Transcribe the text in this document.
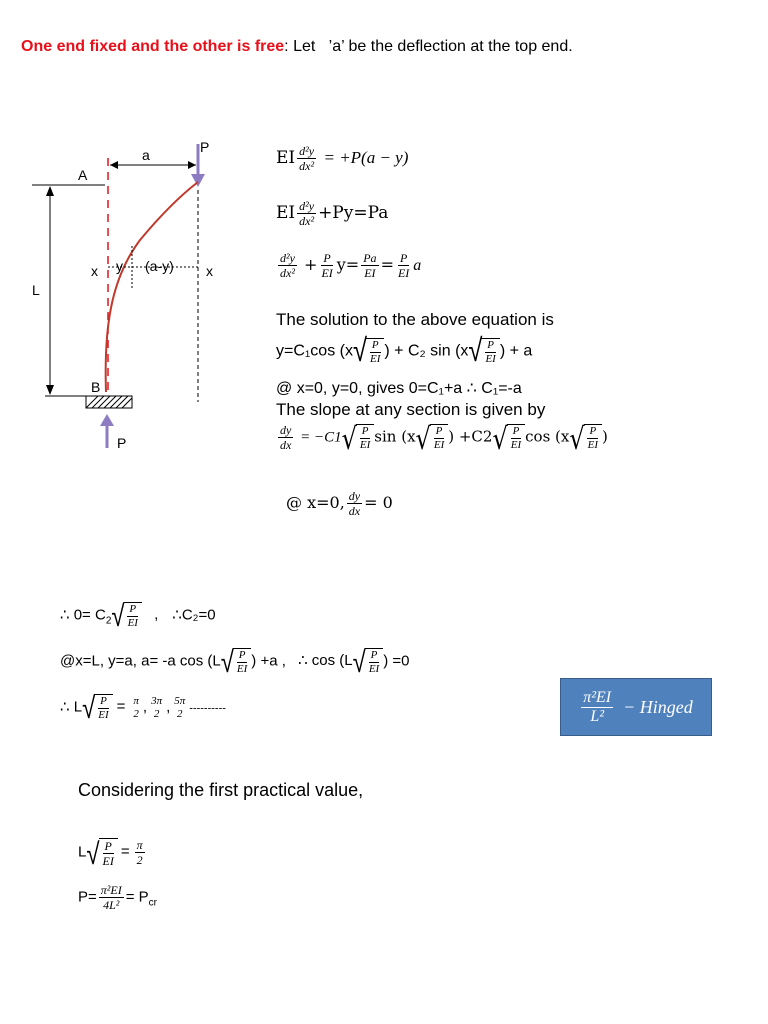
One end fixed and the other is free: Let   ’a’ be the deflection at the top end.
a	P
A
L
x y (a-y) x
B
P
EI $\frac{\text{d²y}}{\text{dx²}} = +P(a - y)$
EI $\frac{\text{d²y}}{\text{dx²}} +Py=Pa$
$\frac{\text{d²y}}{\text{dx²}} + \frac{P}{EI} y= \frac{Pa}{EI} = \frac{P}{EI}$ a
The solution to the above equation is
y=C₁cos (x √ $\frac{P}{EI}$ ) + C₂ sin (x √ $\frac{P}{EI}$ ) + a
@ x=0, y=0, gives 0=C₁+a ∴ C₁=-a
The slope at any section is given by
$\frac{dy}{dx} = -C1$ √ $\frac{P}{EI}$ sin (x √ $\frac{P}{EI}$ ) +C2 √ $\frac{P}{EI}$ cos (x √ $\frac{P}{EI}$ )
@ x=0, $\frac{dy}{dx} = 0$
∴ $0= C_2$ √ $\frac{P}{EI}$ , ∴C₂=0
@x=L, y=a, a= -a cos (L √ $\frac{P}{EI}$ ) +a , ∴ cos (L √ $\frac{P}{EI}$ ) =0
∴ L √ $\frac{P}{EI} = \pi$
2 , 3π
2 , 5π
2 ----------	$\frac{\text{π²EI}}{\text{L²}}$ − Hinged
Considering the first practical value,
L √ $\frac{P}{EI} = \frac{\pi}{2}$
$P= \frac{\text{π²EI}}{\text{4L²}} = P_{cr}$
